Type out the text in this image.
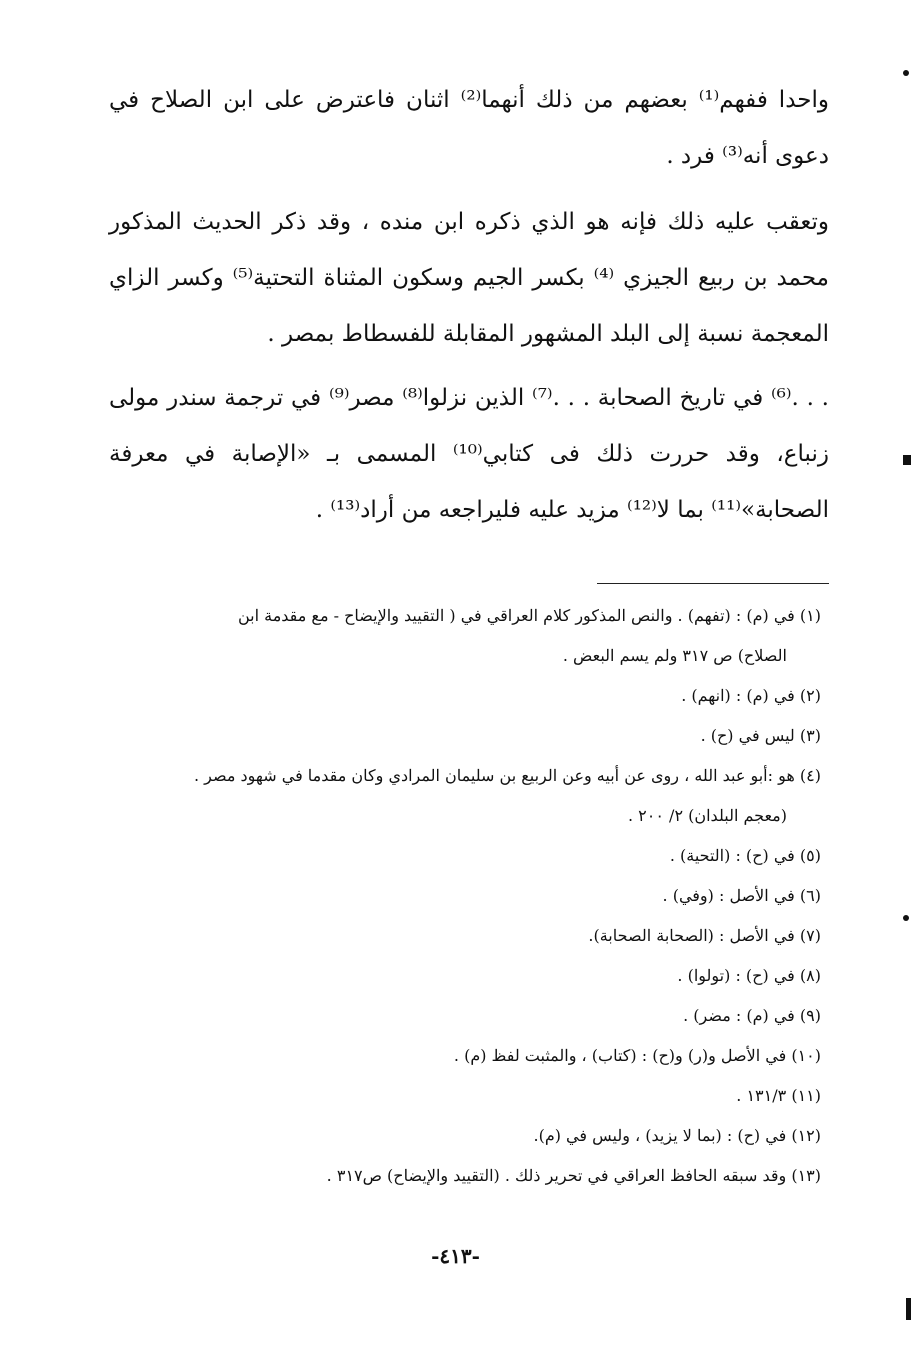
واحدا ففهم⁽¹⁾ بعضهم من ذلك أنهما⁽²⁾ اثنان فاعترض على ابن الصلاح في دعوى أنه⁽³⁾ فرد .

وتعقب عليه ذلك فإنه هو الذي ذكره ابن منده ، وقد ذكر الحديث المذكور محمد بن ربيع الجيزي ⁽⁴⁾ بكسر الجيم وسكون المثناة التحتية⁽⁵⁾ وكسر الزاي المعجمة نسبة إلى البلد المشهور المقابلة للفسطاط بمصر .

. . .⁽⁶⁾ في تاريخ الصحابة . . .⁽⁷⁾ الذين نزلوا⁽⁸⁾ مصر⁽⁹⁾ في ترجمة سندر مولى زنباع، وقد حررت ذلك فى كتابي⁽¹⁰⁾ المسمى بـ «الإصابة في معرفة الصحابة»⁽¹¹⁾ بما لا⁽¹²⁾ مزيد عليه فليراجعه من أراد⁽¹³⁾ .

(١) في (م) : (تفهم) . والنص المذكور كلام العراقي في ( التقييد والإيضاح - مع مقدمة ابن
الصلاح) ص ٣١٧ ولم يسم البعض .
(٢) في (م) : (انهم) .
(٣) ليس في (ح) .
(٤) هو :أبو عبد الله ، روى عن أبيه وعن الربيع بن سليمان المرادي وكان مقدما في شهود مصر .
(معجم البلدان) ٢/ ٢٠٠ .
(٥) في (ح) : (التحية) .
(٦) في الأصل : (وفي) .
(٧) في الأصل : (الصحابة الصحابة).
(٨) في (ح) : (تولوا) .
(٩) في (م) : مضر) .
(١٠) في الأصل و(ر) و(ح) : (كتاب) ، والمثبت لفظ (م) .
(١١) ١٣١/٣ .
(١٢) في (ح) : (بما لا يزيد) ، وليس في (م).
(١٣) وقد سبقه الحافظ العراقي في تحرير ذلك . (التقييد والإيضاح) ص٣١٧ .
-٤١٣-
